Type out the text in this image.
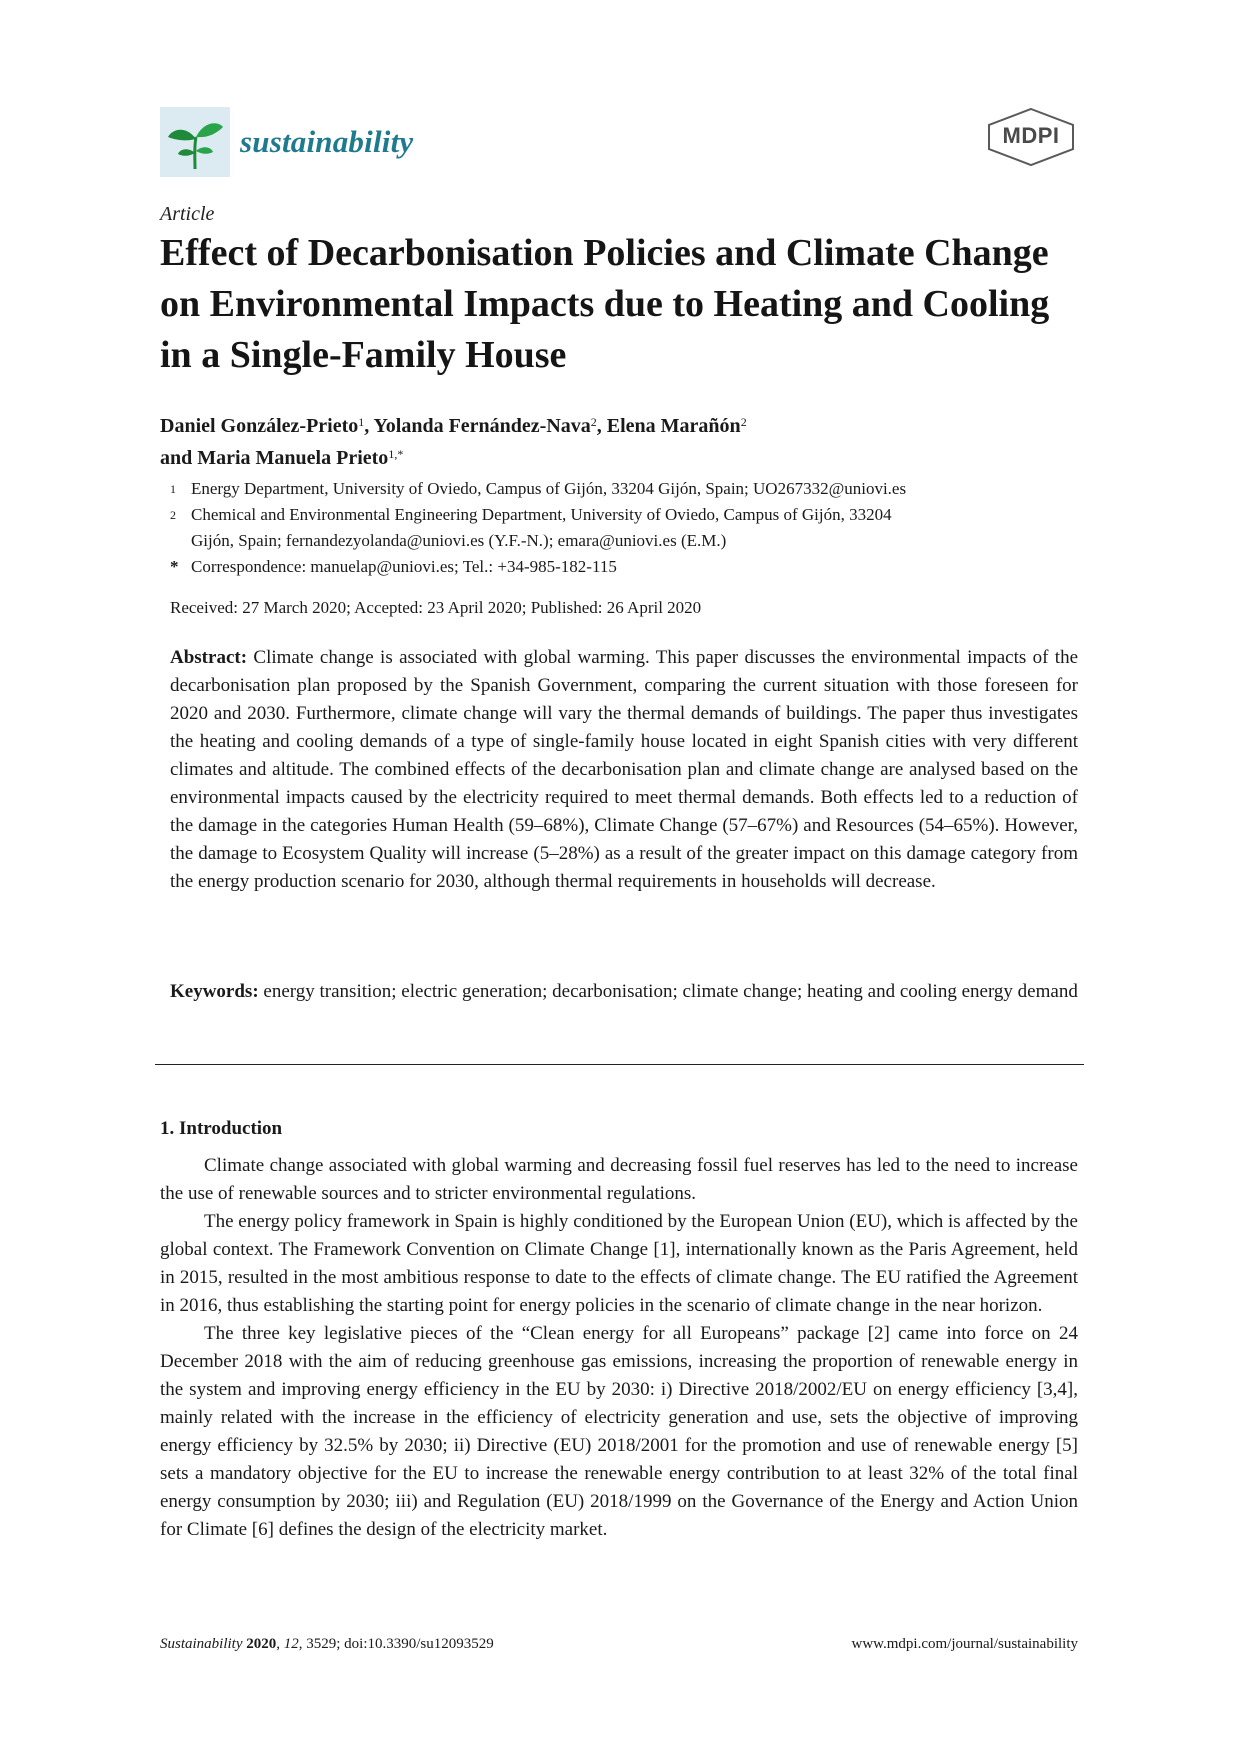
sustainability	MDPI
Article
Effect of Decarbonisation Policies and Climate Change on Environmental Impacts due to Heating and Cooling in a Single-Family House
Daniel González-Prieto$^1$, Yolanda Fernández-Nava$^2$, Elena Marañón$^2$
and Maria Manuela Prieto$^{1,*}$
1 Energy Department, University of Oviedo, Campus of Gijón, 33204 Gijón, Spain; UO267332@uniovi.es
2 Chemical and Environmental Engineering Department, University of Oviedo, Campus of Gijón, 33204 Gijón, Spain; fernandezyolanda@uniovi.es (Y.F.-N.); emara@uniovi.es (E.M.)
* Correspondence: manuelap@uniovi.es; Tel.: +34-985-182-115
Received: 27 March 2020; Accepted: 23 April 2020; Published: 26 April 2020

Abstract: Climate change is associated with global warming. This paper discusses the environmental impacts of the decarbonisation plan proposed by the Spanish Government, comparing the current situation with those foreseen for 2020 and 2030. Furthermore, climate change will vary the thermal demands of buildings. The paper thus investigates the heating and cooling demands of a type of single-family house located in eight Spanish cities with very different climates and altitude. The combined effects of the decarbonisation plan and climate change are analysed based on the environmental impacts caused by the electricity required to meet thermal demands. Both effects led to a reduction of the damage in the categories Human Health (59–68%), Climate Change (57–67%) and Resources (54–65%). However, the damage to Ecosystem Quality will increase (5–28%) as a result of the greater impact on this damage category from the energy production scenario for 2030, although thermal requirements in households will decrease.

Keywords: energy transition; electric generation; decarbonisation; climate change; heating and cooling energy demand

1. Introduction

Climate change associated with global warming and decreasing fossil fuel reserves has led to the need to increase the use of renewable sources and to stricter environmental regulations.

The energy policy framework in Spain is highly conditioned by the European Union (EU), which is affected by the global context. The Framework Convention on Climate Change [1], internationally known as the Paris Agreement, held in 2015, resulted in the most ambitious response to date to the effects of climate change. The EU ratified the Agreement in 2016, thus establishing the starting point for energy policies in the scenario of climate change in the near horizon.

The three key legislative pieces of the “Clean energy for all Europeans” package [2] came into force on 24 December 2018 with the aim of reducing greenhouse gas emissions, increasing the proportion of renewable energy in the system and improving energy efficiency in the EU by 2030: i) Directive 2018/2002/EU on energy efficiency [3,4], mainly related with the increase in the efficiency of electricity generation and use, sets the objective of improving energy efficiency by 32.5% by 2030; ii) Directive (EU) 2018/2001 for the promotion and use of renewable energy [5] sets a mandatory objective for the EU to increase the renewable energy contribution to at least 32% of the total final energy consumption by 2030; iii) and Regulation (EU) 2018/1999 on the Governance of the Energy and Action Union for Climate [6] defines the design of the electricity market.

Sustainability 2020, 12, 3529; doi:10.3390/su12093529	www.mdpi.com/journal/sustainability
